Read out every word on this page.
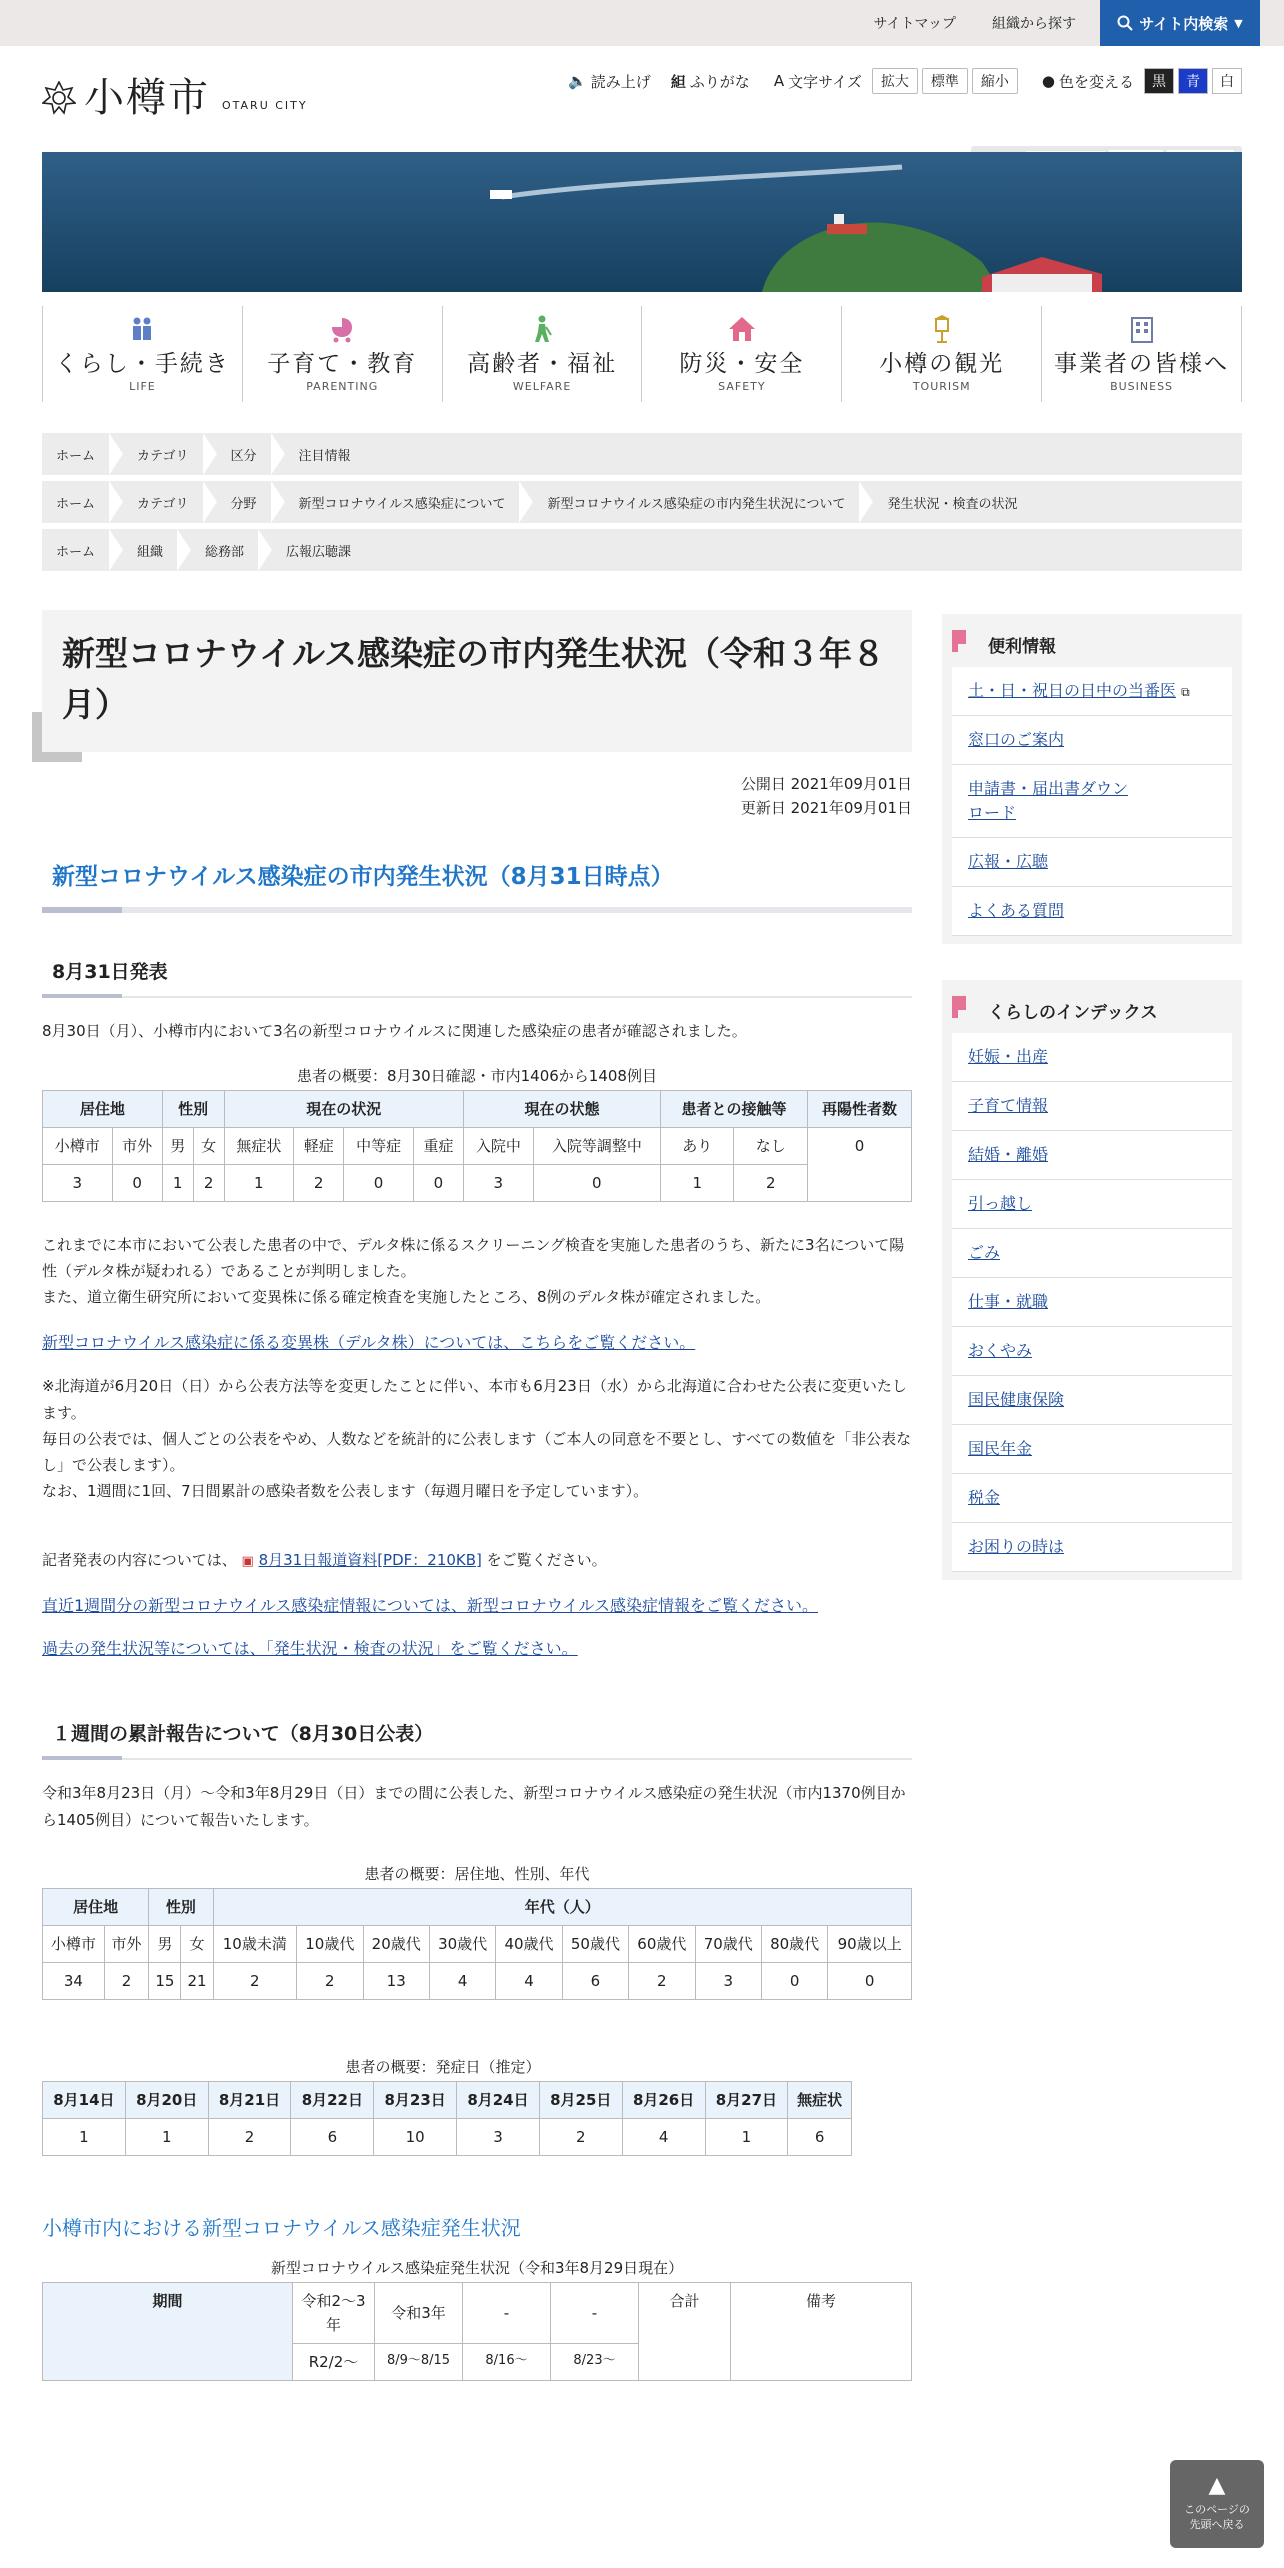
サイトマップ	組織から探す	サイト内検索 ▼
小樽市 OTARU CITY
🔈 読み上げ 䋎 ふりがな A 文字サイズ	拡大	標準	縮小	● 色を変える	黒	青	白
くらし・手続き
LIFE
子育て・教育
PARENTING
高齢者・福祉
WELFARE
防災・安全
SAFETY
小樽の観光
TOURISM
事業者の皆様へ
BUSINESS
ホーム	カテゴリ	区分	注目情報
ホーム	カテゴリ	分野	新型コロナウイルス感染症について	新型コロナウイルス感染症の市内発生状況について	発生状況・検査の状況
ホーム	組織	総務部	広報広聴課
新型コロナウイルス感染症の市内発生状況（令和３年８月）
公開日 2021年09月01日
更新日 2021年09月01日
新型コロナウイルス感染症の市内発生状況（8月31日時点）
8月31日発表

8月30日（月）、小樽市内において3名の新型コロナウイルスに関連した感染症の患者が確認されました。

患者の概要：8月30日確認・市内1406から1408例目
居住地		性別		現在の状況				現在の状態		患者との接触等		再陽性者数
小樽市	市外	男	女	無症状	軽症	中等症	重症	入院中	入院等調整中	あり	なし	0
3	0	1	2	1	2	0	0	3	0	1	2	

これまでに本市において公表した患者の中で、デルタ株に係るスクリーニング検査を実施した患者のうち、新たに3名について陽性（デルタ株が疑われる）であることが判明しました。

また、道立衛生研究所において変異株に係る確定検査を実施したところ、8例のデルタ株が確定されました。

新型コロナウイルス感染症に係る変異株（デルタ株）については、こちらをご覧ください。

※北海道が6月20日（日）から公表方法等を変更したことに伴い、本市も6月23日（水）から北海道に合わせた公表に変更いたします。

毎日の公表では、個人ごとの公表をやめ、人数などを統計的に公表します（ご本人の同意を不要とし、すべての数値を「非公表なし」で公表します）。

なお、1週間に1回、7日間累計の感染者数を公表します（毎週月曜日を予定しています）。

記者発表の内容については、 ▣ 8月31日報道資料[PDF：210KB] をご覧ください。

直近1週間分の新型コロナウイルス感染症情報については、新型コロナウイルス感染症情報をご覧ください。
過去の発生状況等については、「発生状況・検査の状況」をご覧ください。
１週間の累計報告について（8月30日公表）

令和3年8月23日（月）～令和3年8月29日（日）までの間に公表した、新型コロナウイルス感染症の発生状況（市内1370例目から1405例目）について報告いたします。

患者の概要：居住地、性別、年代
居住地		性別		年代（人）									
小樽市	市外	男	女	10歳未満	10歳代	20歳代	30歳代	40歳代	50歳代	60歳代	70歳代	80歳代	90歳以上
34	2	15	21	2	2	13	4	4	6	2	3	0	0
患者の概要：発症日（推定）
8月14日	8月20日	8月21日	8月22日	8月23日	8月24日	8月25日	8月26日	8月27日	無症状
1	1	2	6	10	3	2	4	1	6
小樽市内における新型コロナウイルス感染症発生状況
新型コロナウイルス感染症発生状況（令和3年8月29日現在）
期間	令和2〜3年	令和3年	-	-	合計	備考
	R2/2〜	8/9〜8/15	8/16〜	8/23〜		
便利情報
土・日・祝日の日中の当番医 ⧉
窓口のご案内
申請書・届出書ダウンロード
広報・広聴
よくある質問
くらしのインデックス
妊娠・出産
子育て情報
結婚・離婚
引っ越し
ごみ
仕事・就職
おくやみ
国民健康保険
国民年金
税金
お困りの時は
▲
このページの先頭へ戻る
